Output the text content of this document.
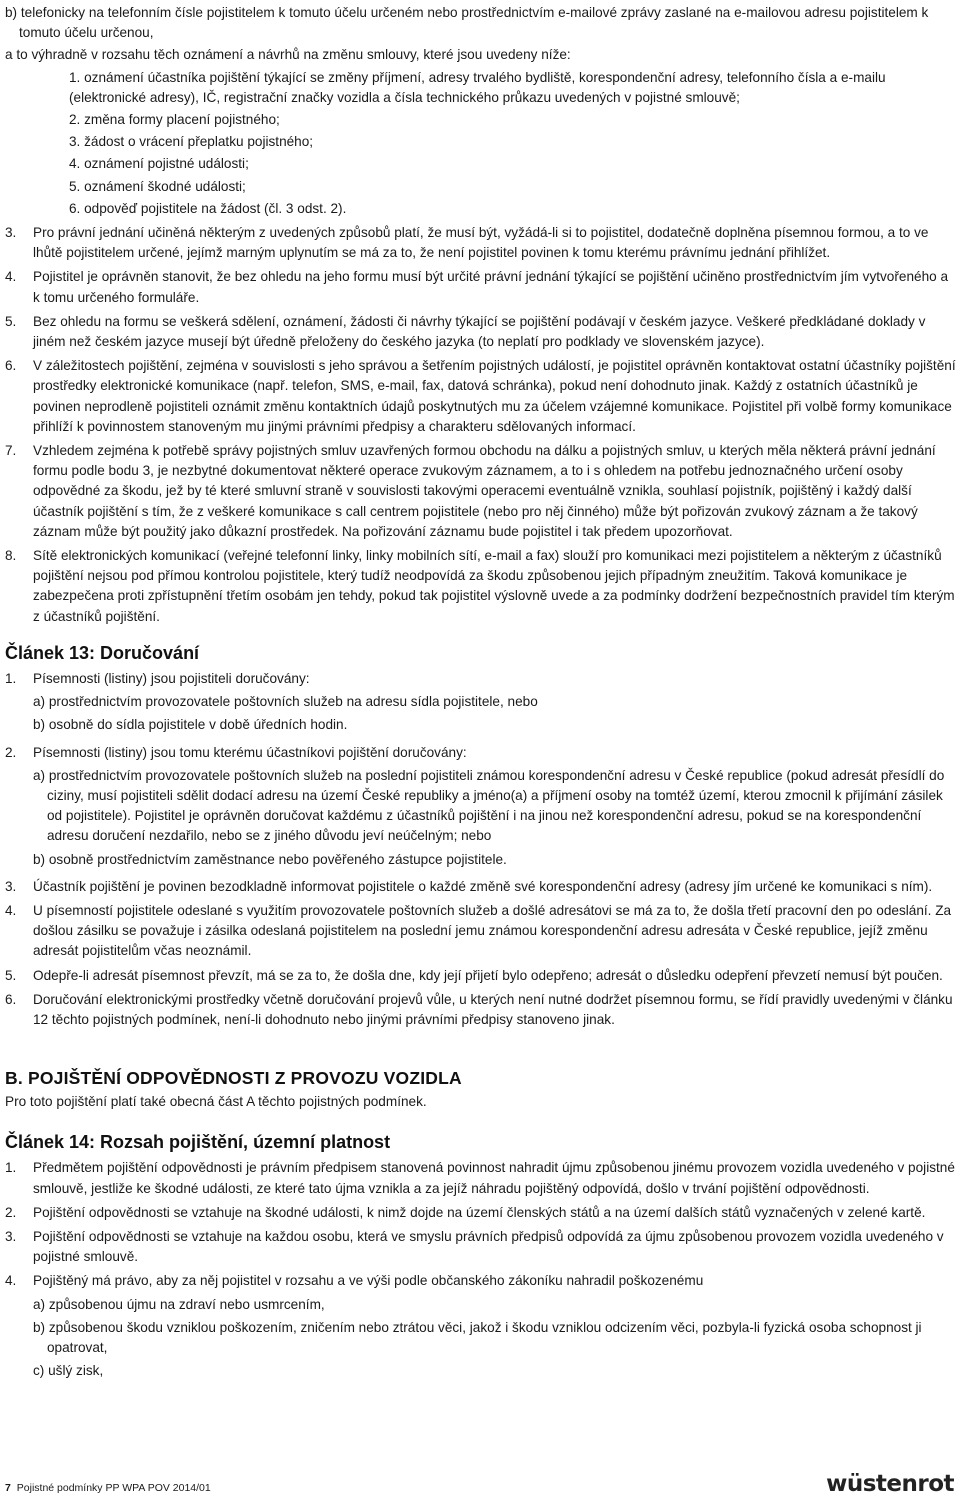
b) telefonicky na telefonním čísle pojistitelem k tomuto účelu určeném nebo prostřednictvím e-mailové zprávy zaslané na e-mailovou adresu pojistitelem k tomuto účelu určenou,

a to výhradně v rozsahu těch oznámení a návrhů na změnu smlouvy, které jsou uvedeny níže:

1. oznámení účastníka pojištění týkající se změny příjmení, adresy trvalého bydliště, korespondenční adresy, telefonního čísla a e-mailu (elektronické adresy), IČ, registrační značky vozidla a čísla technického průkazu uvedených v pojistné smlouvě;
2. změna formy placení pojistného;
3. žádost o vrácení přeplatku pojistného;
4. oznámení pojistné události;
5. oznámení škodné události;
6. odpověď pojistitele na žádost (čl. 3 odst. 2).
3.	Pro právní jednání učiněná některým z uvedených způsobů platí, že musí být, vyžádá-li si to pojistitel, dodatečně doplněna písemnou formou, a to ve lhůtě pojistitelem určené, jejímž marným uplynutím se má za to, že není pojistitel povinen k tomu kterému právnímu jednání přihlížet.
4.	Pojistitel je oprávněn stanovit, že bez ohledu na jeho formu musí být určité právní jednání týkající se pojištění učiněno prostřednictvím jím vytvořeného a k tomu určeného formuláře.
5.	Bez ohledu na formu se veškerá sdělení, oznámení, žádosti či návrhy týkající se pojištění podávají v českém jazyce. Veškeré předkládané doklady v jiném než českém jazyce musejí být úředně přeloženy do českého jazyka (to neplatí pro podklady ve slovenském jazyce).
6.	V záležitostech pojištění, zejména v souvislosti s jeho správou a šetřením pojistných událostí, je pojistitel oprávněn kontaktovat ostatní účastníky pojištění prostředky elektronické komunikace (např. telefon, SMS, e-mail, fax, datová schránka), pokud není dohodnuto jinak. Každý z ostatních účastníků je povinen neprodleně pojistiteli oznámit změnu kontaktních údajů poskytnutých mu za účelem vzájemné komunikace. Pojistitel při volbě formy komunikace přihlíží k povinnostem stanoveným mu jinými právními předpisy a charakteru sdělovaných informací.
7.	Vzhledem zejména k potřebě správy pojistných smluv uzavřených formou obchodu na dálku a pojistných smluv, u kterých měla některá právní jednání formu podle bodu 3, je nezbytné dokumentovat některé operace zvukovým záznamem, a to i s ohledem na potřebu jednoznačného určení osoby odpovědné za škodu, jež by té které smluvní straně v souvislosti takovými operacemi eventuálně vznikla, souhlasí pojistník, pojištěný i každý další účastník pojištění s tím, že z veškeré komunikace s call centrem pojistitele (nebo pro něj činného) může být pořizován zvukový záznam a že takový záznam může být použitý jako důkazní prostředek. Na pořizování záznamu bude pojistitel i tak předem upozorňovat.
8.	Sítě elektronických komunikací (veřejné telefonní linky, linky mobilních sítí, e-mail a fax) slouží pro komunikaci mezi pojistitelem a některým z účastníků pojištění nejsou pod přímou kontrolou pojistitele, který tudíž neodpovídá za škodu způsobenou jejich případným zneužitím. Taková komunikace je zabezpečena proti zpřístupnění třetím osobám jen tehdy, pokud tak pojistitel výslovně uvede a za podmínky dodržení bezpečnostních pravidel tím kterým z účastníků pojištění.
Článek 13: Doručování
1.	Písemnosti (listiny) jsou pojistiteli doručovány:

a) prostřednictvím provozovatele poštovních služeb na adresu sídla pojistitele, nebo

b) osobně do sídla pojistitele v době úředních hodin.

2.	Písemnosti (listiny) jsou tomu kterému účastníkovi pojištění doručovány:

a) prostřednictvím provozovatele poštovních služeb na poslední pojistiteli známou korespondenční adresu v České republice (pokud adresát přesídlí do ciziny, musí pojistiteli sdělit dodací adresu na území České republiky a jméno(a) a příjmení osoby na tomtéž území, kterou zmocnil k přijímání zásilek od pojistitele). Pojistitel je oprávněn doručovat každému z účastníků pojištění i na jinou než korespondenční adresu, pokud se na korespondenční adresu doručení nezdařilo, nebo se z jiného důvodu jeví neúčelným; nebo

b) osobně prostřednictvím zaměstnance nebo pověřeného zástupce pojistitele.

3.	Účastník pojištění je povinen bezodkladně informovat pojistitele o každé změně své korespondenční adresy (adresy jím určené ke komunikaci s ním).
4.	U písemností pojistitele odeslané s využitím provozovatele poštovních služeb a došlé adresátovi se má za to, že došla třetí pracovní den po odeslání. Za došlou zásilku se považuje i zásilka odeslaná pojistitelem na poslední jemu známou korespondenční adresu adresáta v České republice, jejíž změnu adresát pojistitelům včas neoznámil.
5.	Odepře-li adresát písemnost převzít, má se za to, že došla dne, kdy její přijetí bylo odepřeno; adresát o důsledku odepření převzetí nemusí být poučen.
6.	Doručování elektronickými prostředky včetně doručování projevů vůle, u kterých není nutné dodržet písemnou formu, se řídí pravidly uvedenými v článku 12 těchto pojistných podmínek, není-li dohodnuto nebo jinými právními předpisy stanoveno jinak.
B. POJIŠTĚNÍ ODPOVĚDNOSTI Z PROVOZU VOZIDLA

Pro toto pojištění platí také obecná část A těchto pojistných podmínek.

Článek 14: Rozsah pojištění, územní platnost
1.	Předmětem pojištění odpovědnosti je právním předpisem stanovená povinnost nahradit újmu způsobenou jinému provozem vozidla uvedeného v pojistné smlouvě, jestliže ke škodné události, ze které tato újma vznikla a za jejíž náhradu pojištěný odpovídá, došlo v trvání pojištění odpovědnosti.
2.	Pojištění odpovědnosti se vztahuje na škodné události, k nimž dojde na území členských států a na území dalších států vyznačených v zelené kartě.
3.	Pojištění odpovědnosti se vztahuje na každou osobu, která ve smyslu právních předpisů odpovídá za újmu způsobenou provozem vozidla uvedeného v pojistné smlouvě.
4.	Pojištěný má právo, aby za něj pojistitel v rozsahu a ve výši podle občanského zákoníku nahradil poškozenému

a) způsobenou újmu na zdraví nebo usmrcením,

b) způsobenou škodu vzniklou poškozením, zničením nebo ztrátou věci, jakož i škodu vzniklou odcizením věci, pozbyla-li fyzická osoba schopnost ji opatrovat,

c) ušlý zisk,

7 Pojistné podmínky PP WPA POV 2014/01	wüstenrot
